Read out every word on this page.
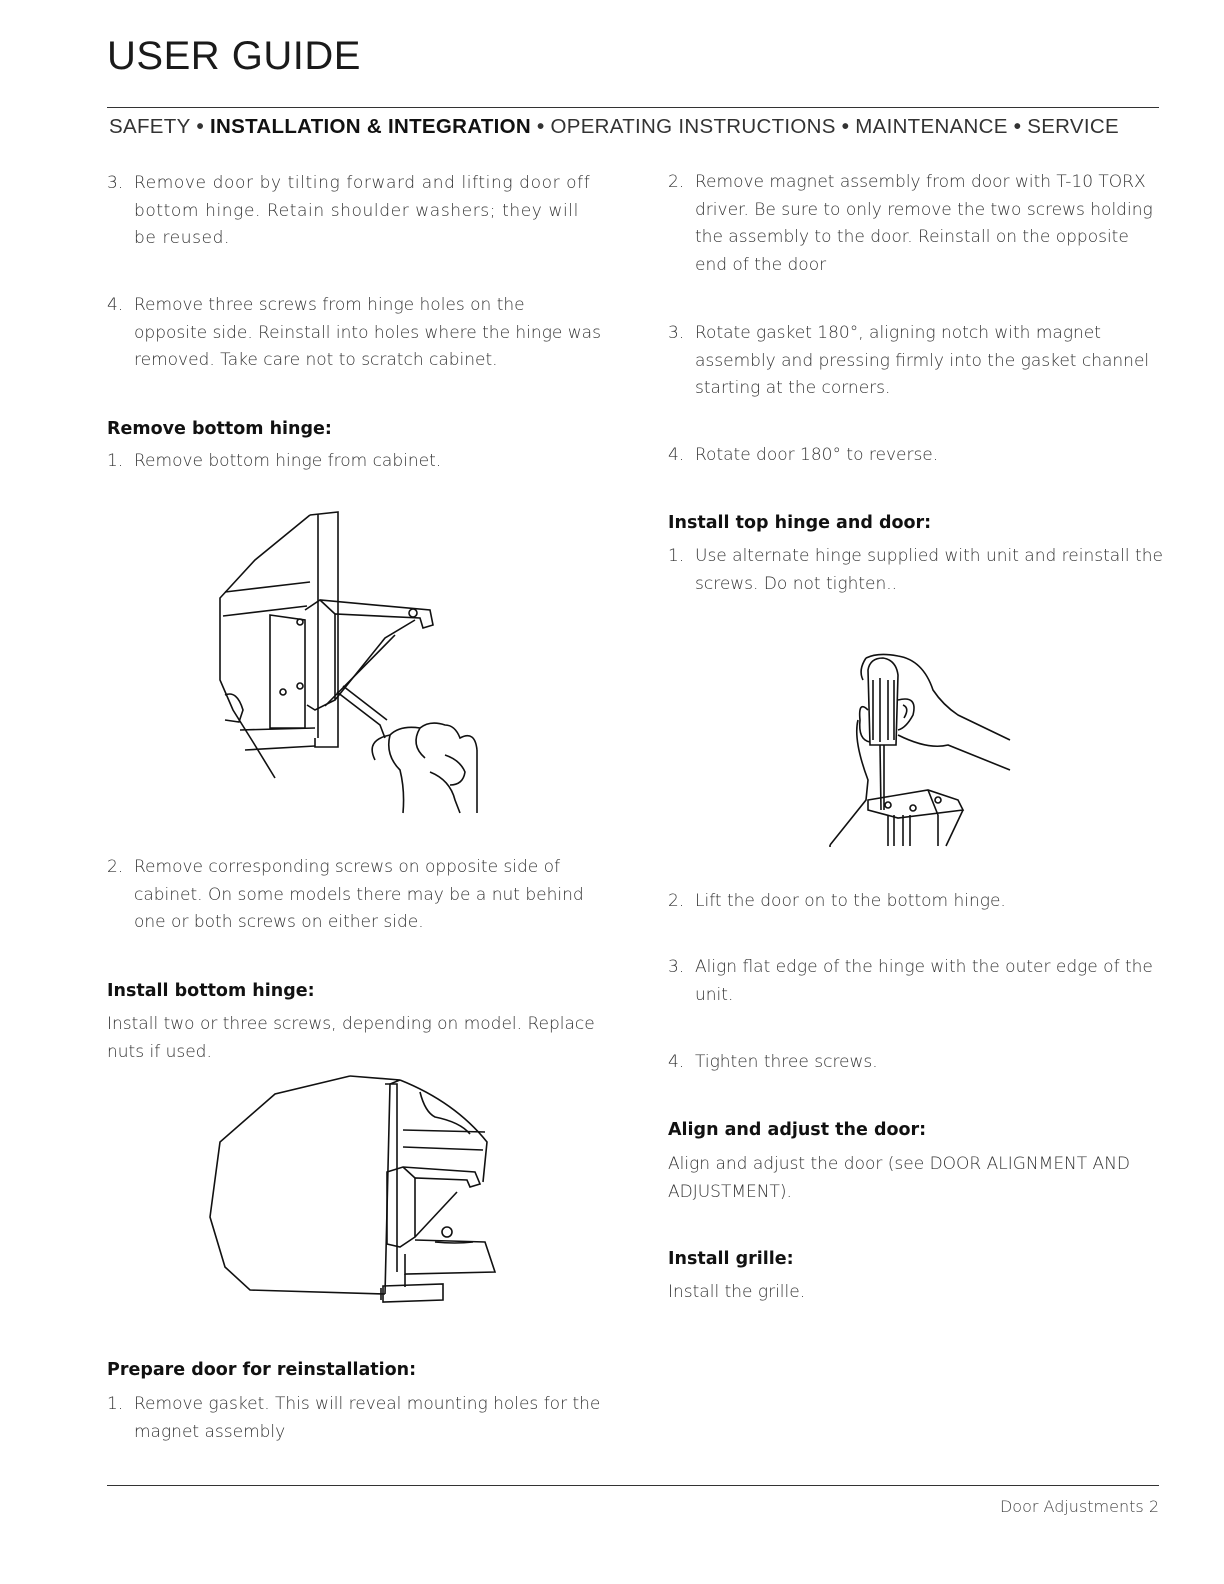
USER GUIDE
SAFETY • INSTALLATION & INTEGRATION • OPERATING INSTRUCTIONS • MAINTENANCE • SERVICE
3. Remove door by tilting forward and lifting door off bottom hinge. Retain shoulder washers; they will be reused.
4. Remove three screws from hinge holes on the opposite side. Reinstall into holes where the hinge was removed. Take care not to scratch cabinet.
Remove bottom hinge:
1. Remove bottom hinge from cabinet.
2. Remove corresponding screws on opposite side of cabinet. On some models there may be a nut behind one or both screws on either side.
Install bottom hinge:
Install two or three screws, depending on model. Replace nuts if used.
Prepare door for reinstallation:
1. Remove gasket. This will reveal mounting holes for the magnet assembly
2. Remove magnet assembly from door with T-10 TORX driver. Be sure to only remove the two screws holding the assembly to the door. Reinstall on the opposite end of the door
3. Rotate gasket 180°, aligning notch with magnet assembly and pressing firmly into the gasket channel starting at the corners.
4. Rotate door 180° to reverse.
Install top hinge and door:
1. Use alternate hinge supplied with unit and reinstall the screws. Do not tighten..
2. Lift the door on to the bottom hinge.
3. Align flat edge of the hinge with the outer edge of the unit.
4. Tighten three screws.
Align and adjust the door:
Align and adjust the door (see DOOR ALIGNMENT AND ADJUSTMENT).
Install grille:
Install the grille.
Door Adjustments 2
